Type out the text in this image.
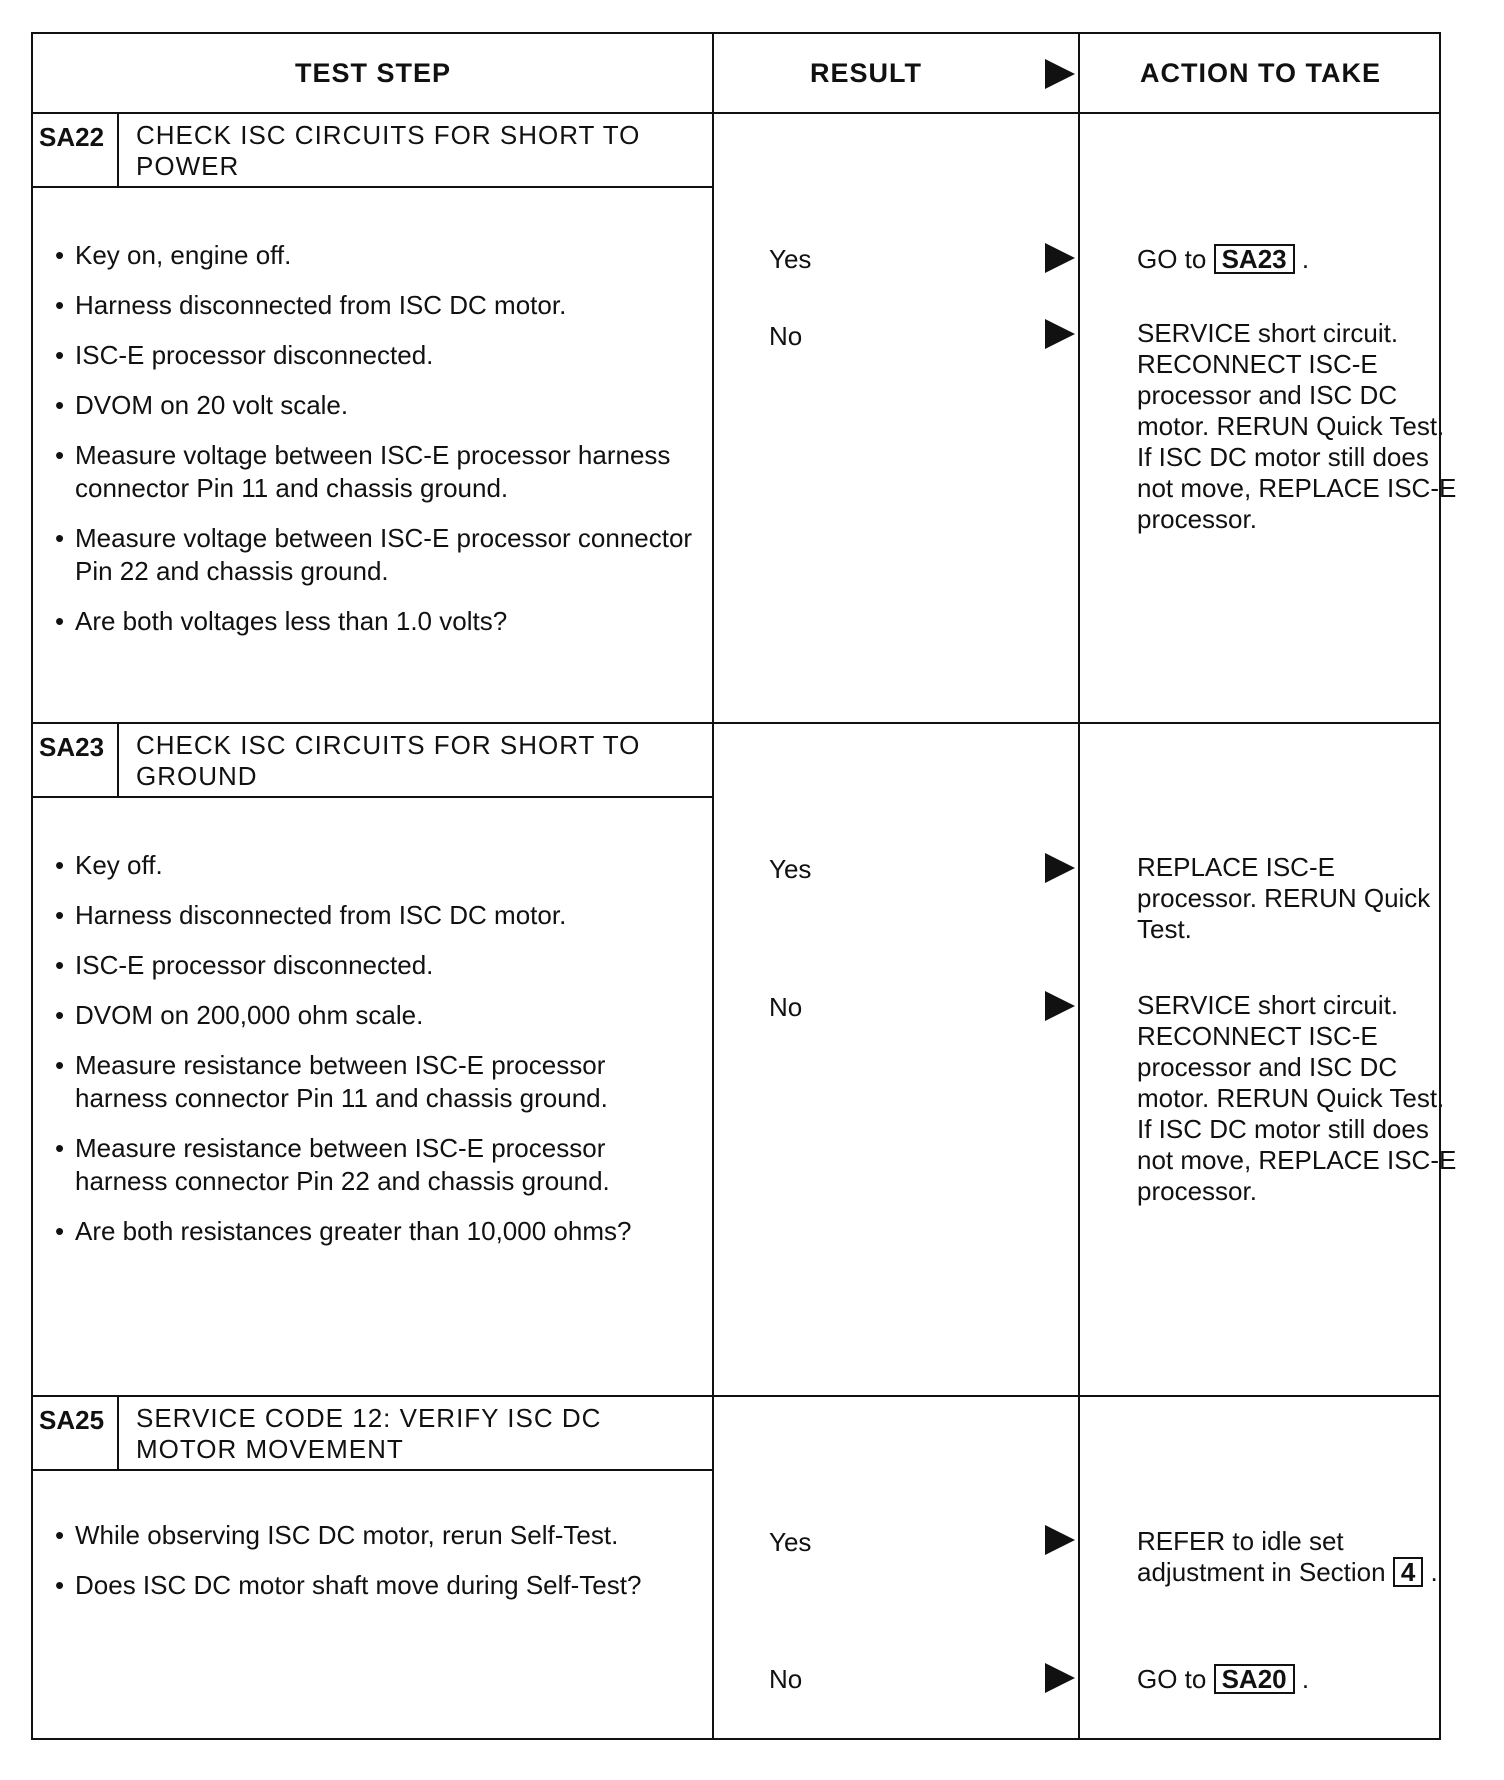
TEST STEP	RESULT	ACTION TO TAKE
SA22	CHECK ISC CIRCUITS FOR SHORT TO POWER
• Key on, engine off.
• Harness disconnected from ISC DC motor.
• ISC-E processor disconnected.
• DVOM on 20 volt scale.
• Measure voltage between ISC-E processor harness connector Pin 11 and chassis ground.
• Measure voltage between ISC-E processor connector Pin 22 and chassis ground.
• Are both voltages less than 1.0 volts?
Yes	GO to SA23 .
No	SERVICE short circuit. RECONNECT ISC-E processor and ISC DC motor. RERUN Quick Test. If ISC DC motor still does not move, REPLACE ISC-E processor.
SA23	CHECK ISC CIRCUITS FOR SHORT TO GROUND
• Key off.
• Harness disconnected from ISC DC motor.
• ISC-E processor disconnected.
• DVOM on 200,000 ohm scale.
• Measure resistance between ISC-E processor harness connector Pin 11 and chassis ground.
• Measure resistance between ISC-E processor harness connector Pin 22 and chassis ground.
• Are both resistances greater than 10,000 ohms?
Yes	REPLACE ISC-E processor. RERUN Quick Test.
No	SERVICE short circuit. RECONNECT ISC-E processor and ISC DC motor. RERUN Quick Test. If ISC DC motor still does not move, REPLACE ISC-E processor.
SA25	SERVICE CODE 12: VERIFY ISC DC MOTOR MOVEMENT
• While observing ISC DC motor, rerun Self-Test.
• Does ISC DC motor shaft move during Self-Test?
Yes	REFER to idle set adjustment in Section 4 .
No	GO to SA20 .
